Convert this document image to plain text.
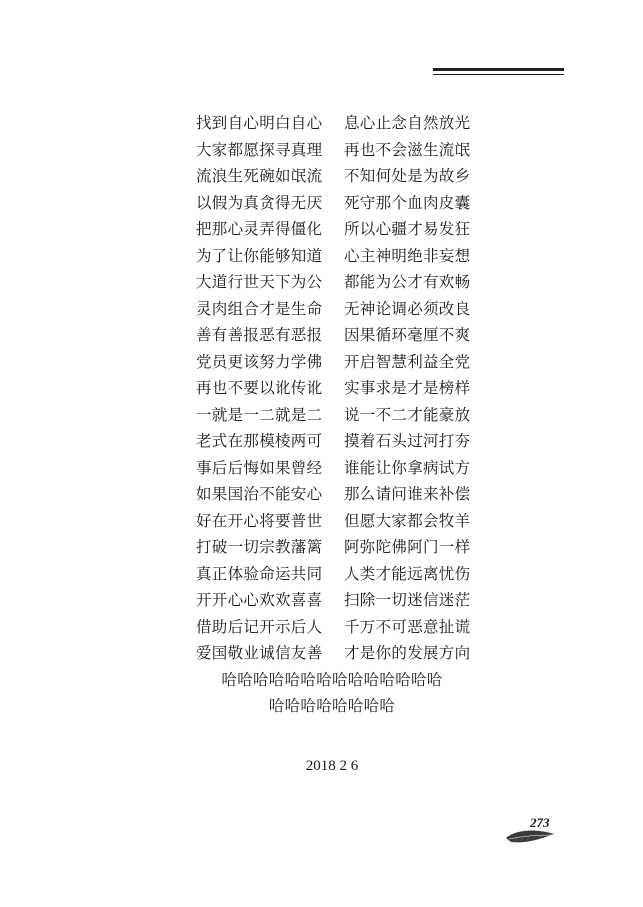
找到自心明白自心	息心止念自然放光
大家都愿探寻真理	再也不会滋生流氓
流浪生死碗如氓流	不知何处是为故乡
以假为真贪得无厌	死守那个血肉皮囊
把那心灵弄得僵化	所以心疆才易发狂
为了让你能够知道	心主神明绝非妄想
大道行世天下为公	都能为公才有欢畅
灵肉组合才是生命	无神论调必须改良
善有善报恶有恶报	因果循环毫厘不爽
党员更该努力学佛	开启智慧利益全党
再也不要以讹传讹	实事求是才是榜样
一就是一二就是二	说一不二才能豪放
老式在那模棱两可	摸着石头过河打夯
事后后悔如果曾经	谁能让你拿病试方
如果国治不能安心	那么请问谁来补偿
好在开心将要普世	但愿大家都会牧羊
打破一切宗教藩篱	阿弥陀佛阿门一样
真正体验命运共同	人类才能远离忧伤
开开心心欢欢喜喜	扫除一切迷信迷茫
借助后记开示后人	千万不可恶意扯谎
爱国敬业诚信友善	才是你的发展方向
哈哈哈哈哈哈哈哈哈哈哈哈哈哈
哈哈哈哈哈哈哈哈
2018 2 6
273
